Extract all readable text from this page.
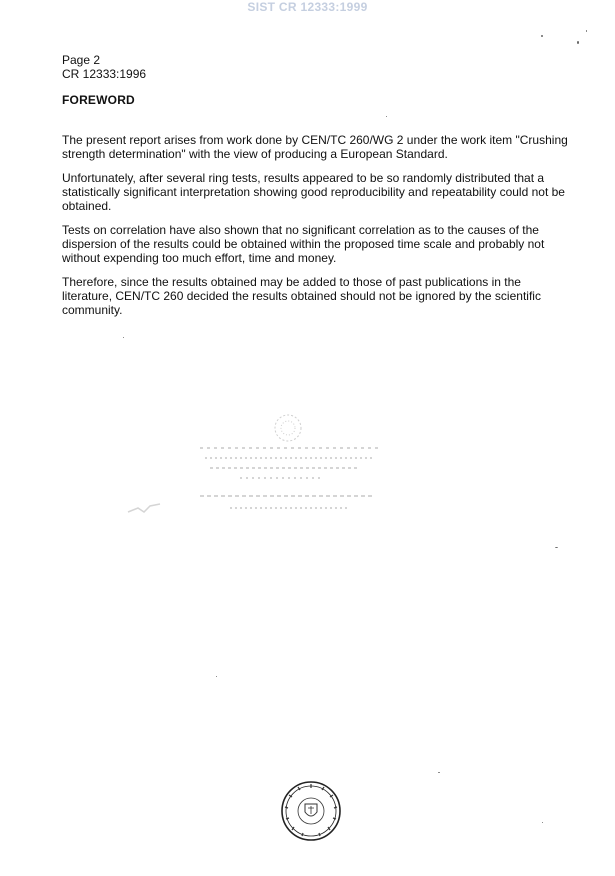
SIST CR 12333:1999
Page 2
CR 12333:1996
FOREWORD

The present report arises from work done by CEN/TC 260/WG 2 under the work item "Crushing strength determination" with the view of producing a European Standard.

Unfortunately, after several ring tests, results appeared to be so randomly distributed that a statistically significant interpretation showing good reproducibility and repeatability could not be obtained.

Tests on correlation have also shown that no significant correlation as to the causes of the dispersion of the results could be obtained within the proposed time scale and probably not without expending too much effort, time and money.

Therefore, since the results obtained may be added to those of past publications in the literature, CEN/TC 260 decided the results obtained should not be ignored by the scientific community.
